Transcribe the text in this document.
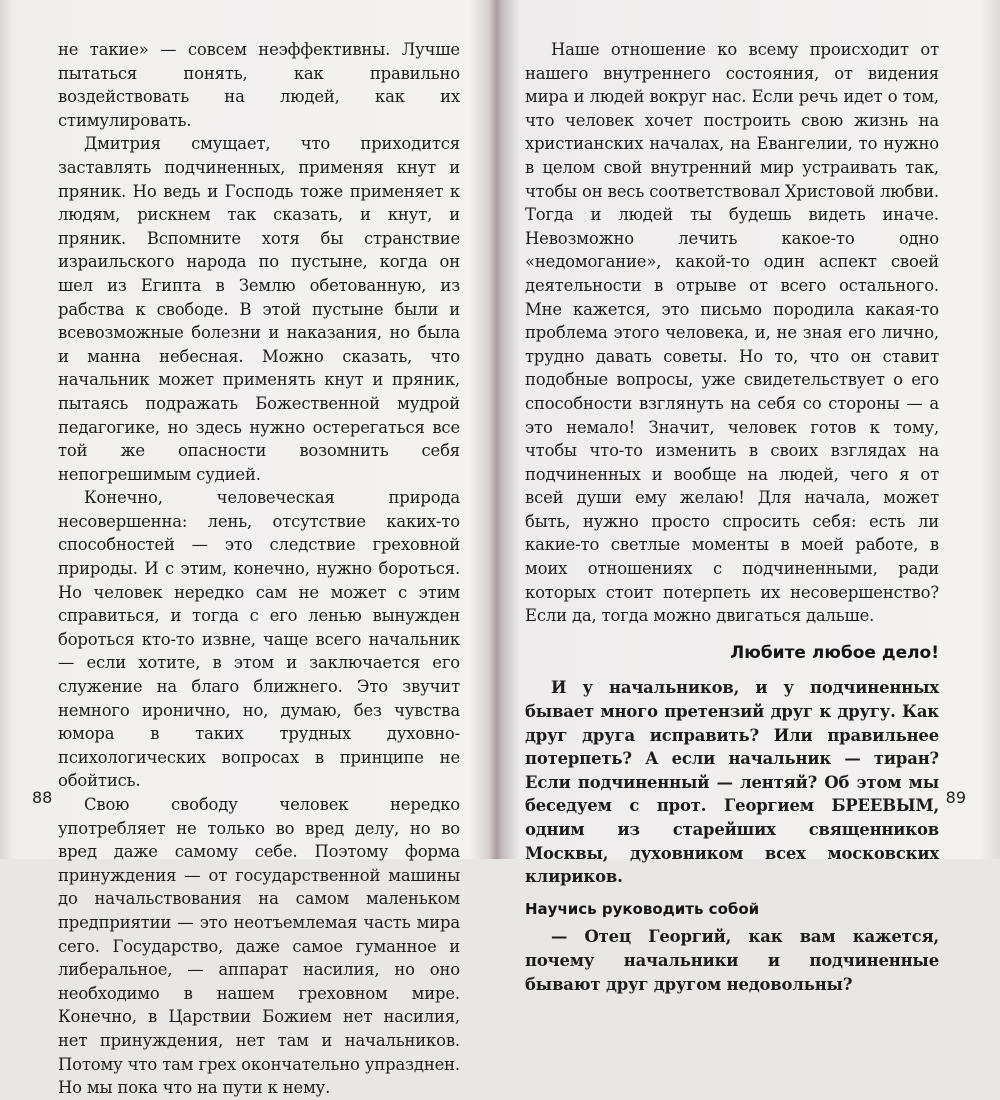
не такие» — совсем неэффективны. Лучше пытаться понять, как правильно воздействовать на людей, как их стимулировать.

Дмитрия смущает, что приходится заставлять подчиненных, применяя кнут и пряник. Но ведь и Господь тоже применяет к людям, рискнем так сказать, и кнут, и пряник. Вспомните хотя бы странствие израильского народа по пустыне, когда он шел из Египта в Землю обетованную, из рабства к свободе. В этой пустыне были и всевозможные болезни и наказания, но была и манна небесная. Можно сказать, что начальник может применять кнут и пряник, пытаясь подражать Божественной мудрой педагогике, но здесь нужно остерегаться все той же опасности возомнить себя непогрешимым судией.

Конечно, человеческая природа несовершенна: лень, отсутствие каких-то способностей — это следствие греховной природы. И с этим, конечно, нужно бороться. Но человек нередко сам не может с этим справиться, и тогда с его ленью вынужден бороться кто-то извне, чаще всего начальник — если хотите, в этом и заключается его служение на благо ближнего. Это звучит немного иронично, но, думаю, без чувства юмора в таких трудных духовно-психологических вопросах в принципе не обойтись.

Свою свободу человек нередко употребляет не только во вред делу, но во вред даже самому себе. Поэтому форма принуждения — от государственной машины до начальствования на самом маленьком предприятии — это неотъемлемая часть мира сего. Государство, даже самое гуманное и либеральное, — аппарат насилия, но оно необходимо в нашем греховном мире. Конечно, в Царствии Божием нет насилия, нет принуждения, нет там и начальников. Потому что там грех окончательно упразднен. Но мы пока что на пути к нему.

88

Наше отношение ко всему происходит от нашего внутреннего состояния, от видения мира и людей вокруг нас. Если речь идет о том, что человек хочет построить свою жизнь на христианских началах, на Евангелии, то нужно в целом свой внутренний мир устраивать так, чтобы он весь соответствовал Христовой любви. Тогда и людей ты будешь видеть иначе. Невозможно лечить какое-то одно «недомогание», какой-то один аспект своей деятельности в отрыве от всего остального. Мне кажется, это письмо породила какая-то проблема этого человека, и, не зная его лично, трудно давать советы. Но то, что он ставит подобные вопросы, уже свидетельствует о его способности взглянуть на себя со стороны — а это немало! Значит, человек готов к тому, чтобы что-то изменить в своих взглядах на подчиненных и вообще на людей, чего я от всей души ему желаю! Для начала, может быть, нужно просто спросить себя: есть ли какие-то светлые моменты в моей работе, в моих отношениях с подчиненными, ради которых стоит потерпеть их несовершенство? Если да, тогда можно двигаться дальше.

Любите любое дело!

И у начальников, и у подчиненных бывает много претензий друг к другу. Как друг друга исправить? Или правильнее потерпеть? А если начальник — тиран? Если подчиненный — лентяй? Об этом мы беседуем с прот. Георгием БРЕЕВЫМ, одним из старейших священников Москвы, духовником всех московских клириков.

Научись руководить собой

— Отец Георгий, как вам кажется, почему начальники и подчиненные бывают друг другом недовольны?

89
